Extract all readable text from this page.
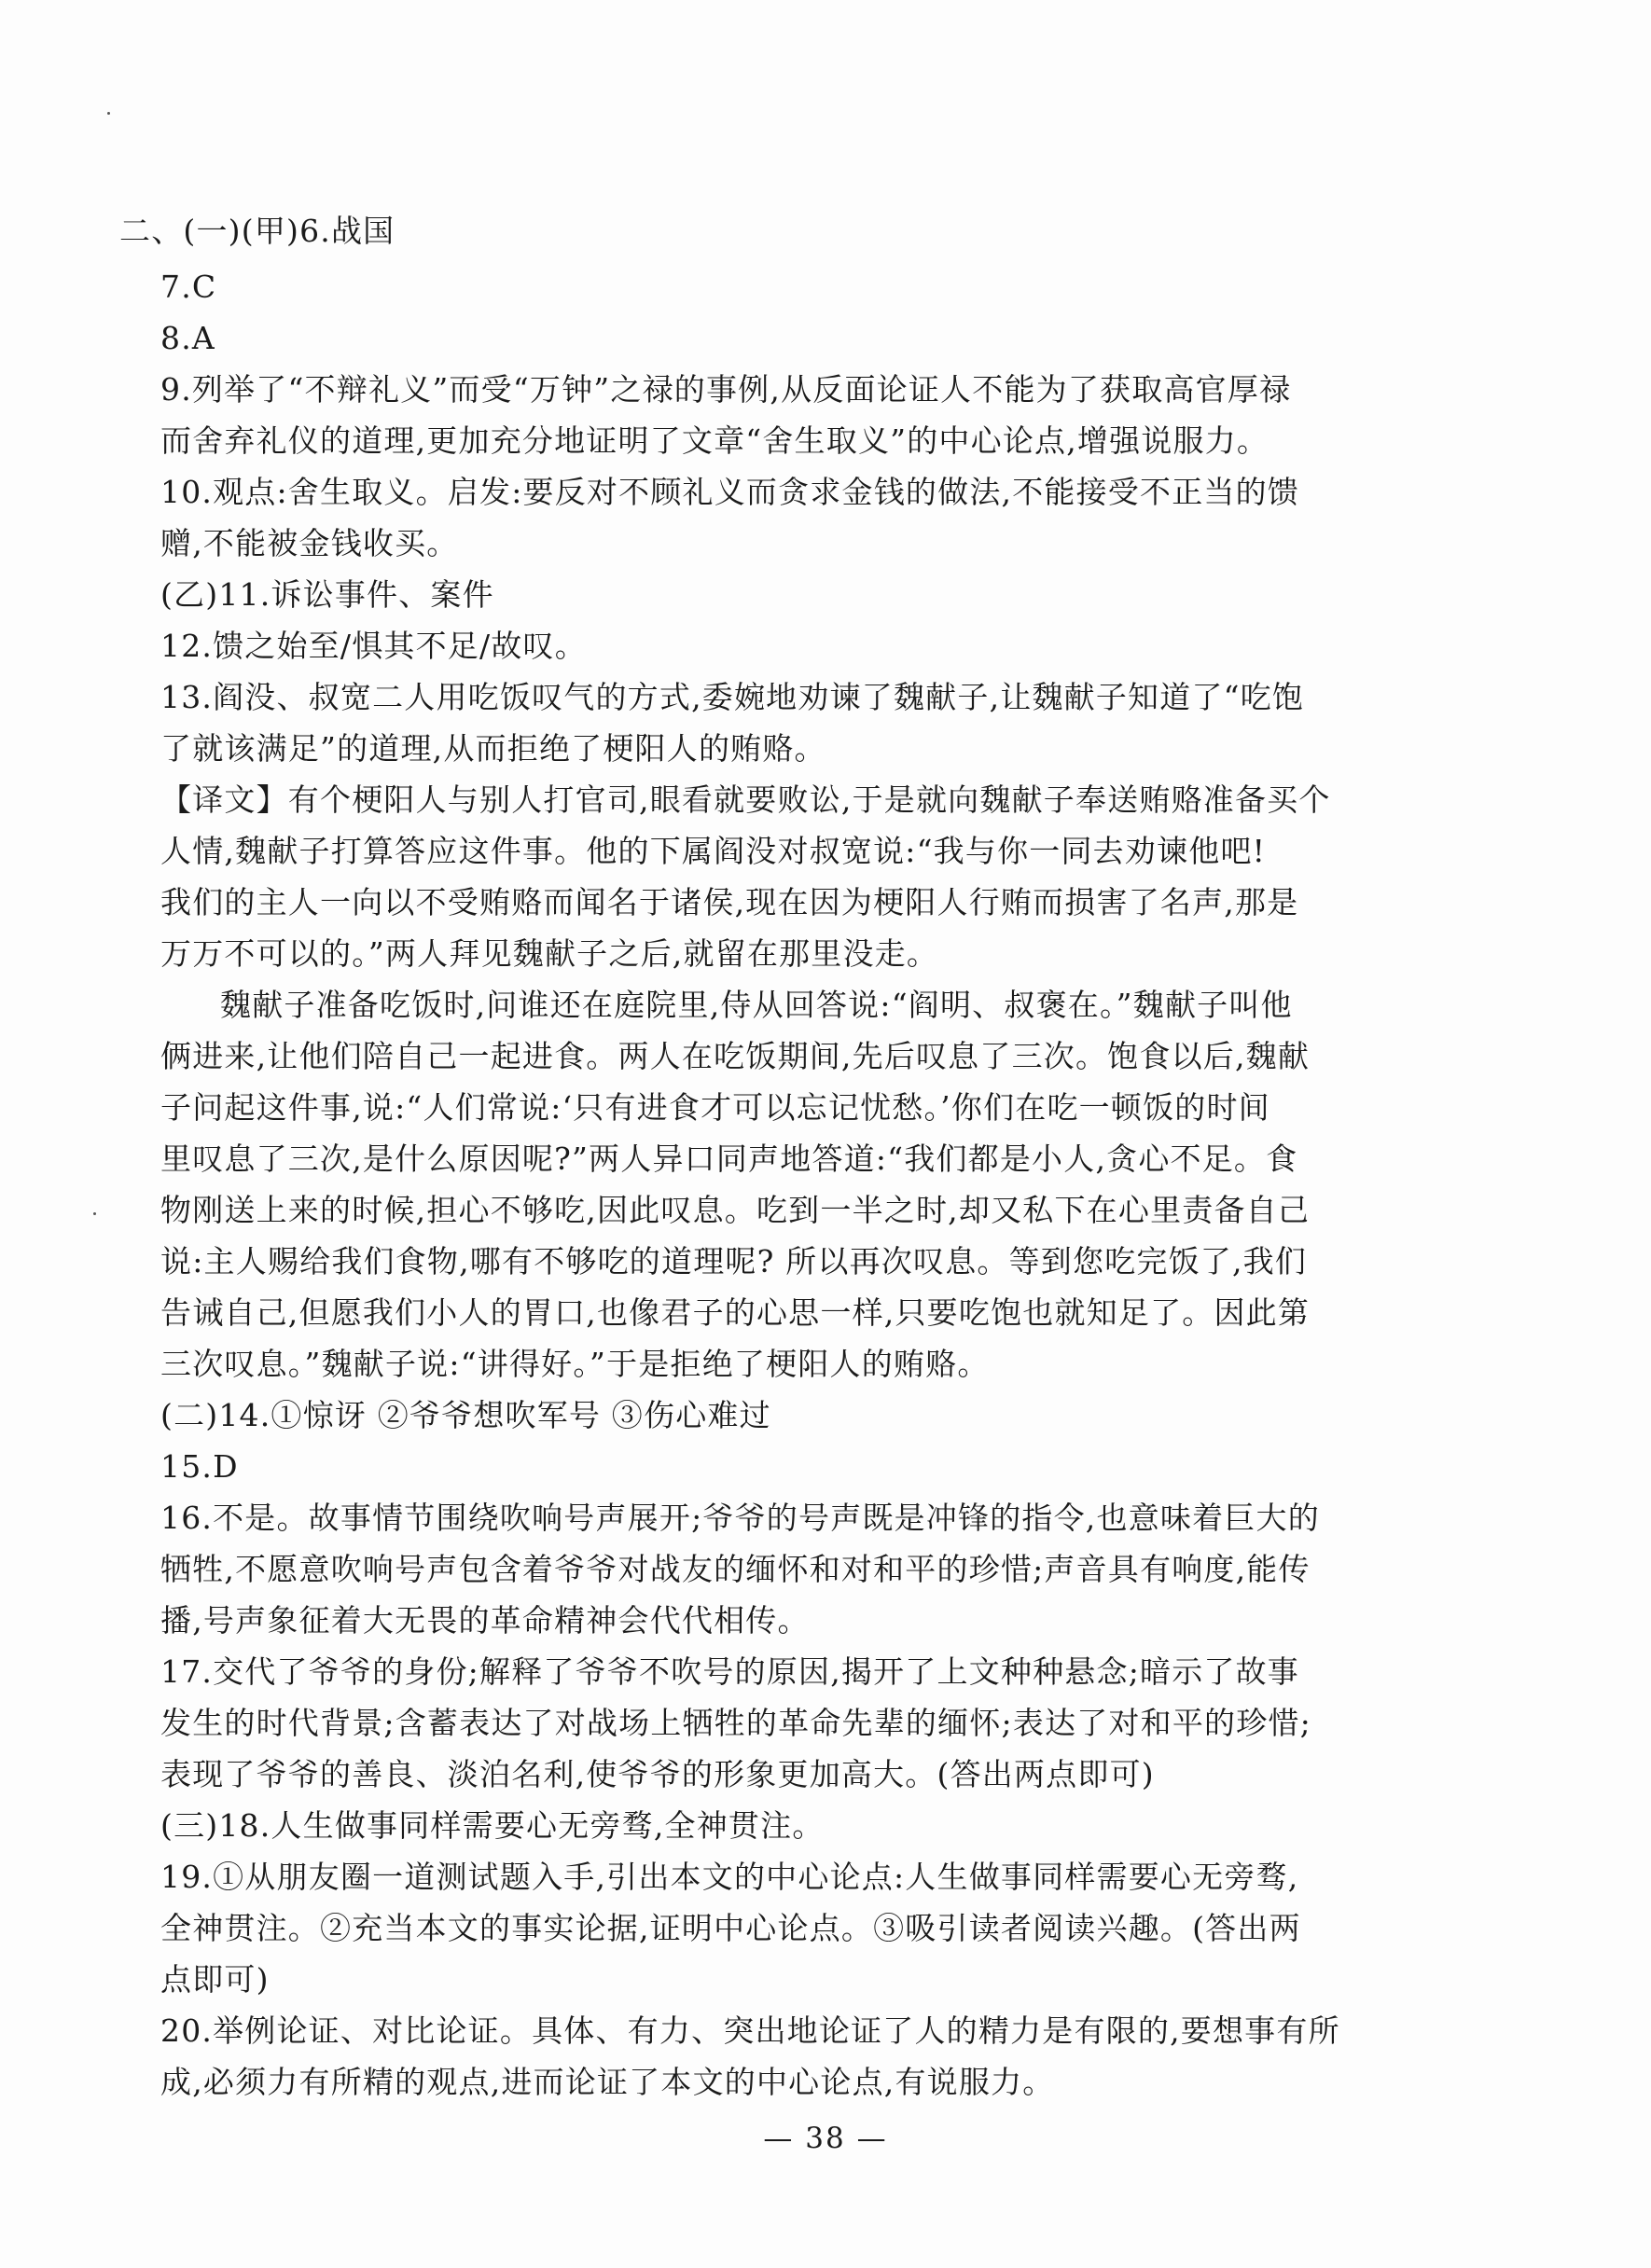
二、(一)(甲)6.战国
7.C
8.A
9.列举了“不辩礼义”而受“万钟”之禄的事例,从反面论证人不能为了获取高官厚禄
而舍弃礼仪的道理,更加充分地证明了文章“舍生取义”的中心论点,增强说服力。
10.观点:舍生取义。启发:要反对不顾礼义而贪求金钱的做法,不能接受不正当的馈
赠,不能被金钱收买。
(乙)11.诉讼事件、案件
12.馈之始至/惧其不足/故叹。
13.阎没、叔宽二人用吃饭叹气的方式,委婉地劝谏了魏献子,让魏献子知道了“吃饱
了就该满足”的道理,从而拒绝了梗阳人的贿赂。
【译文】有个梗阳人与别人打官司,眼看就要败讼,于是就向魏献子奉送贿赂准备买个
人情,魏献子打算答应这件事。他的下属阎没对叔宽说:“我与你一同去劝谏他吧!
我们的主人一向以不受贿赂而闻名于诸侯,现在因为梗阳人行贿而损害了名声,那是
万万不可以的。”两人拜见魏献子之后,就留在那里没走。
魏献子准备吃饭时,问谁还在庭院里,侍从回答说:“阎明、叔褒在。”魏献子叫他
俩进来,让他们陪自己一起进食。两人在吃饭期间,先后叹息了三次。饱食以后,魏献
子问起这件事,说:“人们常说:‘只有进食才可以忘记忧愁。’你们在吃一顿饭的时间
里叹息了三次,是什么原因呢?”两人异口同声地答道:“我们都是小人,贪心不足。食
物刚送上来的时候,担心不够吃,因此叹息。吃到一半之时,却又私下在心里责备自己
说:主人赐给我们食物,哪有不够吃的道理呢? 所以再次叹息。等到您吃完饭了,我们
告诫自己,但愿我们小人的胃口,也像君子的心思一样,只要吃饱也就知足了。因此第
三次叹息。”魏献子说:“讲得好。”于是拒绝了梗阳人的贿赂。
(二)14.①惊讶 ②爷爷想吹军号 ③伤心难过
15.D
16.不是。故事情节围绕吹响号声展开;爷爷的号声既是冲锋的指令,也意味着巨大的
牺牲,不愿意吹响号声包含着爷爷对战友的缅怀和对和平的珍惜;声音具有响度,能传
播,号声象征着大无畏的革命精神会代代相传。
17.交代了爷爷的身份;解释了爷爷不吹号的原因,揭开了上文种种悬念;暗示了故事
发生的时代背景;含蓄表达了对战场上牺牲的革命先辈的缅怀;表达了对和平的珍惜;
表现了爷爷的善良、淡泊名利,使爷爷的形象更加高大。(答出两点即可)
(三)18.人生做事同样需要心无旁骛,全神贯注。
19.①从朋友圈一道测试题入手,引出本文的中心论点:人生做事同样需要心无旁骛,
全神贯注。②充当本文的事实论据,证明中心论点。③吸引读者阅读兴趣。(答出两
点即可)
20.举例论证、对比论证。具体、有力、突出地论证了人的精力是有限的,要想事有所
成,必须力有所精的观点,进而论证了本文的中心论点,有说服力。
— 38 —
